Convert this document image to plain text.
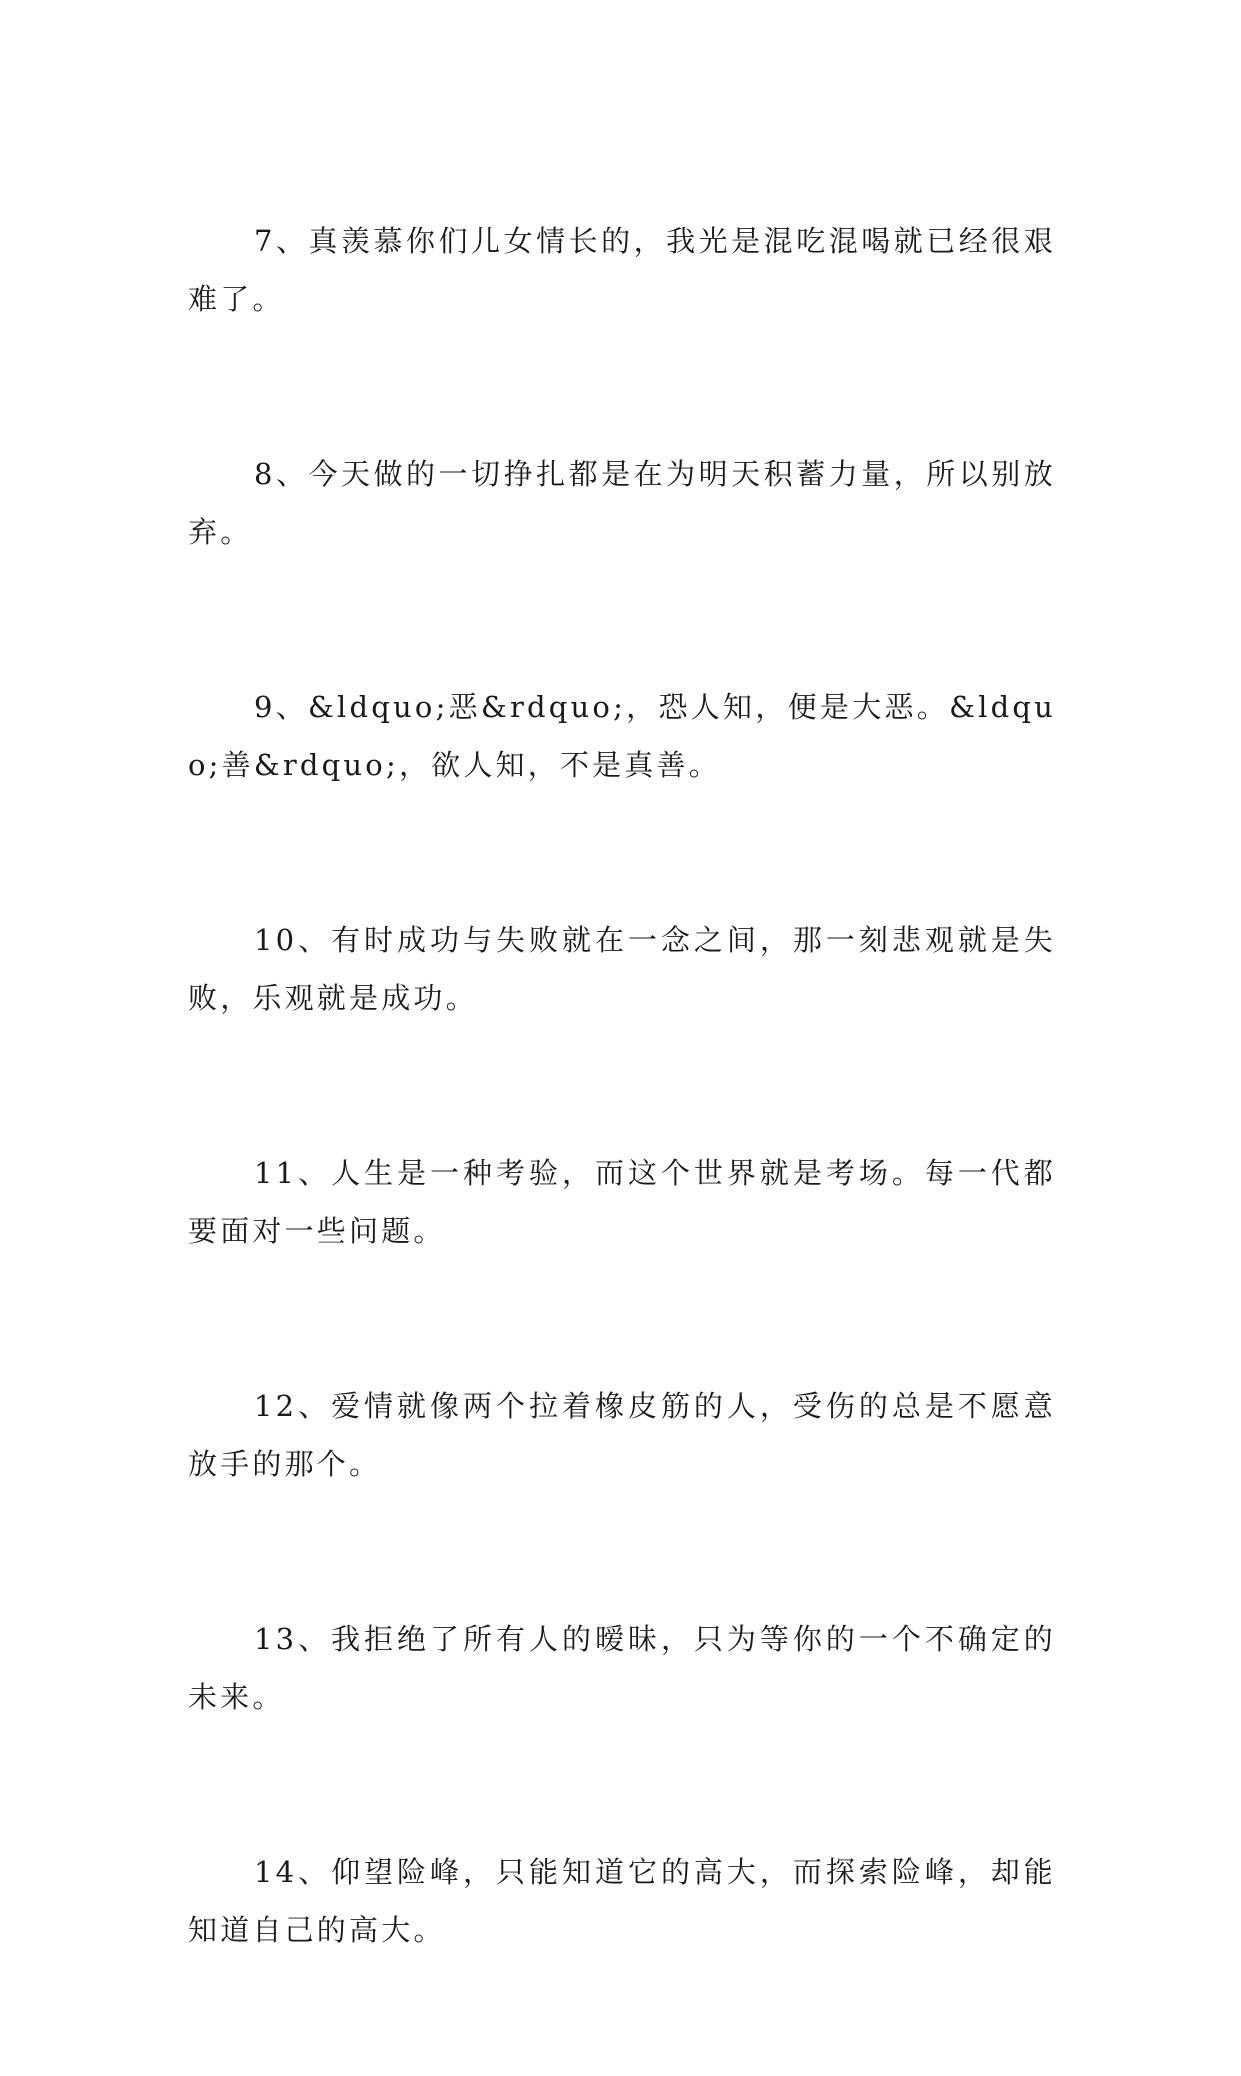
7、真羡慕你们儿女情长的，我光是混吃混喝就已经很艰难了。

8、今天做的一切挣扎都是在为明天积蓄力量，所以别放弃。

9、&ldquo;恶&rdquo;，恐人知，便是大恶。&ldquo;善&rdquo;，欲人知，不是真善。

10、有时成功与失败就在一念之间，那一刻悲观就是失败，乐观就是成功。

11、人生是一种考验，而这个世界就是考场。每一代都要面对一些问题。

12、爱情就像两个拉着橡皮筋的人，受伤的总是不愿意放手的那个。

13、我拒绝了所有人的暧昧，只为等你的一个不确定的未来。

14、仰望险峰，只能知道它的高大，而探索险峰，却能知道自己的高大。
